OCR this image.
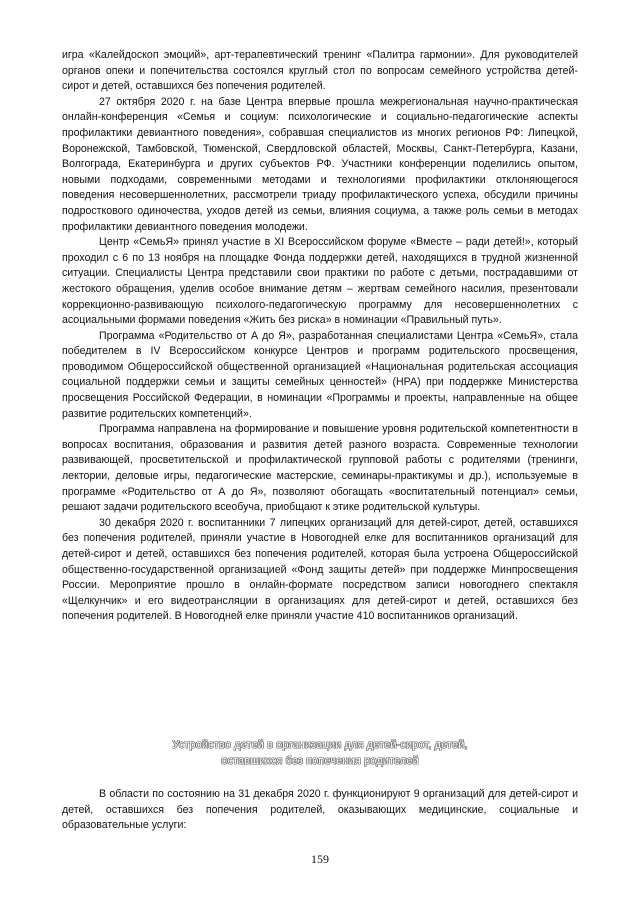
игра «Калейдоскоп эмоций», арт-терапевтический тренинг «Палитра гармонии». Для руководителей органов опеки и попечительства состоялся круглый стол по вопросам семейного устройства детей-сирот и детей, оставшихся без попечения родителей.

27 октября 2020 г. на базе Центра впервые прошла межрегиональная научно-практическая онлайн-конференция «Семья и социум: психологические и социально-педагогические аспекты профилактики девиантного поведения», собравшая специалистов из многих регионов РФ: Липецкой, Воронежской, Тамбовской, Тюменской, Свердловской областей, Москвы, Санкт-Петербурга, Казани, Волгограда, Екатеринбурга и других субъектов РФ. Участники конференции поделились опытом, новыми подходами, современными методами и технологиями профилактики отклоняющегося поведения несовершеннолетних, рассмотрели триаду профилактического успеха, обсудили причины подросткового одиночества, уходов детей из семьи, влияния социума, а также роль семьи в методах профилактики девиантного поведения молодежи.

Центр «СемьЯ» принял участие в XI Всероссийском форуме «Вместе – ради детей!», который проходил с 6 по 13 ноября на площадке Фонда поддержки детей, находящихся в трудной жизненной ситуации. Специалисты Центра представили свои практики по работе с детьми, пострадавшими от жестокого обращения, уделив особое внимание детям – жертвам семейного насилия, презентовали коррекционно-развивающую психолого-педагогическую программу для несовершеннолетних с асоциальными формами поведения «Жить без риска» в номинации «Правильный путь».

Программа «Родительство от А до Я», разработанная специалистами Центра «СемьЯ», стала победителем в IV Всероссийском конкурсе Центров и программ родительского просвещения, проводимом Общероссийской общественной организацией «Национальная родительская ассоциация социальной поддержки семьи и защиты семейных ценностей» (НРА) при поддержке Министерства просвещения Российской Федерации, в номинации «Программы и проекты, направленные на общее развитие родительских компетенций».

Программа направлена на формирование и повышение уровня родительской компетентности в вопросах воспитания, образования и развития детей разного возраста. Современные технологии развивающей, просветительской и профилактической групповой работы с родителями (тренинги, лектории, деловые игры, педагогические мастерские, семинары-практикумы и др.), используемые в программе «Родительство от А до Я», позволяют обогащать «воспитательный потенциал» семьи, решают задачи родительского всеобуча, приобщают к этике родительской культуры.

30 декабря 2020 г. воспитанники 7 липецких организаций для детей-сирот, детей, оставшихся без попечения родителей, приняли участие в Новогодней елке для воспитанников организаций для детей-сирот и детей, оставшихся без попечения родителей, которая была устроена Общероссийской общественно-государственной организацией «Фонд защиты детей» при поддержке Минпросвещения России. Мероприятие прошло в онлайн-формате посредством записи новогоднего спектакля «Щелкунчик» и его видеотрансляции в организациях для детей-сирот и детей, оставшихся без попечения родителей. В Новогодней елке приняли участие 410 воспитанников организаций.

Устройство детей в организации для детей-сирот, детей,
оставшихся без попечения родителей

В области по состоянию на 31 декабря 2020 г. функционируют 9 организаций для детей-сирот и детей, оставшихся без попечения родителей, оказывающих медицинские, социальные и образовательные услуги:

159
